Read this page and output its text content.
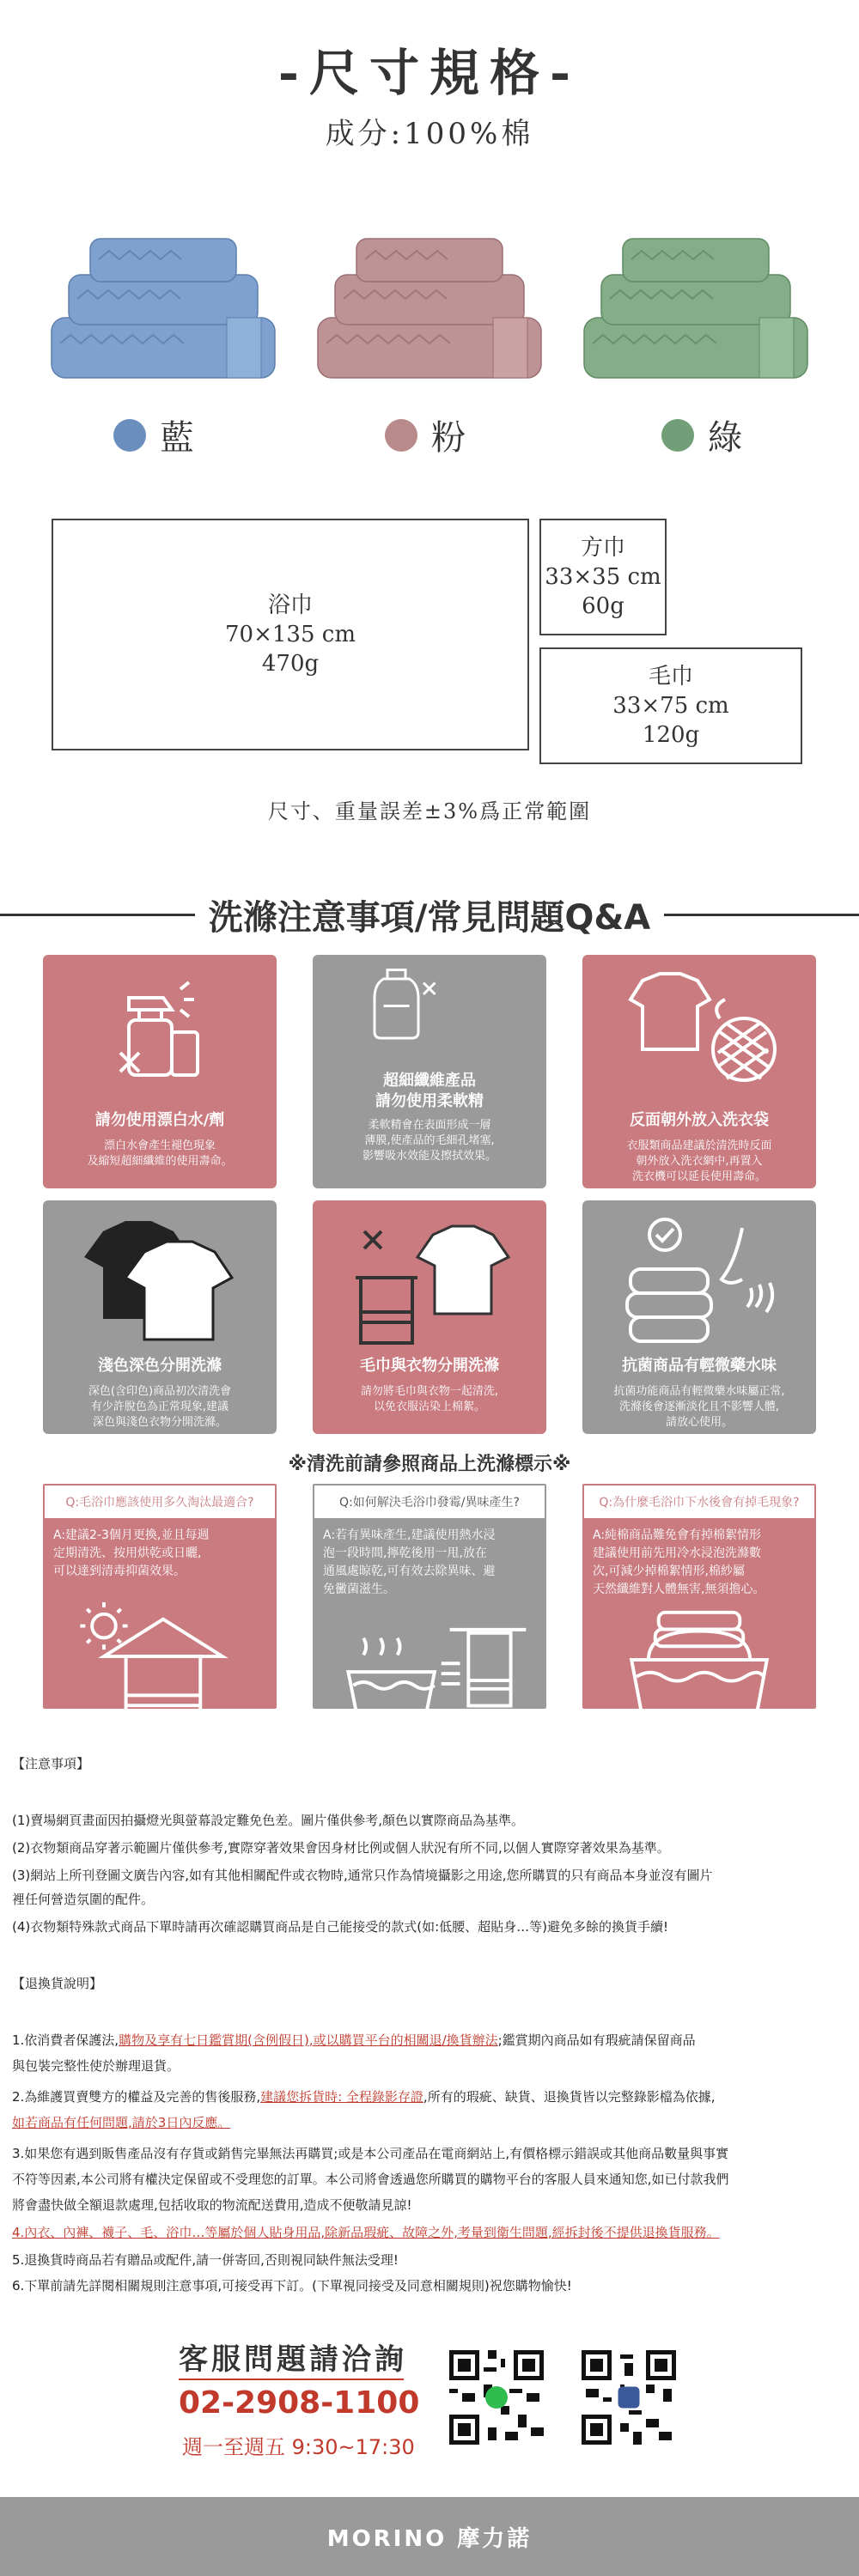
-尺寸規格-
成分:100%棉
藍	粉	綠
浴巾
70×135 cm
470g
方巾
33×35 cm
60g
毛巾
33×75 cm
120g
尺寸、重量誤差±3%爲正常範圍
洗滌注意事項/常見問題Q&A
請勿使用漂白水/劑
漂白水會產生褪色現象
及縮短超細纖維的使用壽命。
超細纖維產品
請勿使用柔軟精
柔軟精會在表面形成一層
薄膜,使產品的毛細孔堵塞,
影響吸水效能及擦拭效果。
反面朝外放入洗衣袋
衣服類商品建議於清洗時反面
朝外放入洗衣網中,再置入
洗衣機可以延長使用壽命。
淺色深色分開洗滌
深色(含印色)商品初次清洗會
有少許脫色為正常現象,建議
深色與淺色衣物分開洗滌。
毛巾與衣物分開洗滌
請勿將毛巾與衣物一起清洗,
以免衣服沾染上棉絮。
抗菌商品有輕微藥水味
抗菌功能商品有輕微藥水味屬正常,
洗滌後會逐漸淡化且不影響人體,
請放心使用。
※清洗前請參照商品上洗滌標示※
Q:毛浴巾應該使用多久淘汰最適合?
A:建議2-3個月更換,並且每週
定期清洗、按用烘乾或日曬,
可以達到清毒抑菌效果。
Q:如何解決毛浴巾發霉/異味產生?
A:若有異味產生,建議使用熱水浸
泡一段時間,擰乾後用一甩,放在
通風處晾乾,可有效去除異味、避
免黴菌滋生。
Q:為什麼毛浴巾下水後會有掉毛現象?
A:純棉商品難免會有掉棉絮情形
建議使用前先用冷水浸泡洗滌數
次,可減少掉棉絮情形,棉紗屬
天然纖維對人體無害,無須擔心。
【注意事項】
(1)賣場網頁畫面因拍攝燈光與螢幕設定難免色差。圖片僅供參考,顏色以實際商品為基準。
(2)衣物類商品穿著示範圖片僅供參考,實際穿著效果會因身材比例或個人狀況有所不同,以個人實際穿著效果為基準。
(3)網站上所刊登圖文廣告內容,如有其他相關配件或衣物時,通常只作為情境攝影之用途,您所購買的只有商品本身並沒有圖片
裡任何營造氛圍的配件。
(4)衣物類特殊款式商品下單時請再次確認購買商品是自己能接受的款式(如:低腰、超貼身…等)避免多餘的換貨手續!
【退換貨說明】
1.依消費者保護法,購物及享有七日鑑賞期(含例假日),或以購買平台的相關退/換貨辦法;鑑賞期內商品如有瑕疵請保留商品
與包裝完整性使於辦理退貨。
2.為維護買賣雙方的權益及完善的售後服務,建議您拆貨時: 全程錄影存證,所有的瑕疵、缺貨、退換貨皆以完整錄影檔為依據,
如若商品有任何問題,請於3日內反應。
3.如果您有遇到販售產品沒有存貨或銷售完畢無法再購買;或是本公司產品在電商網站上,有價格標示錯誤或其他商品數量與事實
不符等因素,本公司將有權決定保留或不受理您的訂單。本公司將會透過您所購買的購物平台的客服人員來通知您,如已付款我們
將會盡快做全額退款處理,包括收取的物流配送費用,造成不便敬請見諒!
4.內衣、內褲、襪子、毛、浴巾…等屬於個人貼身用品,除新品瑕疵、故障之外,考量到衛生問題,經拆封後不提供退換貨服務。
5.退換貨時商品若有贈品或配件,請一併寄回,否則視同缺件無法受理!
6.下單前請先詳閱相關規則注意事項,可接受再下訂。(下單視同接受及同意相關規則)祝您購物愉快!
客服問題請洽詢
02-2908-1100
週一至週五 9:30~17:30
MORINO 摩力諾
